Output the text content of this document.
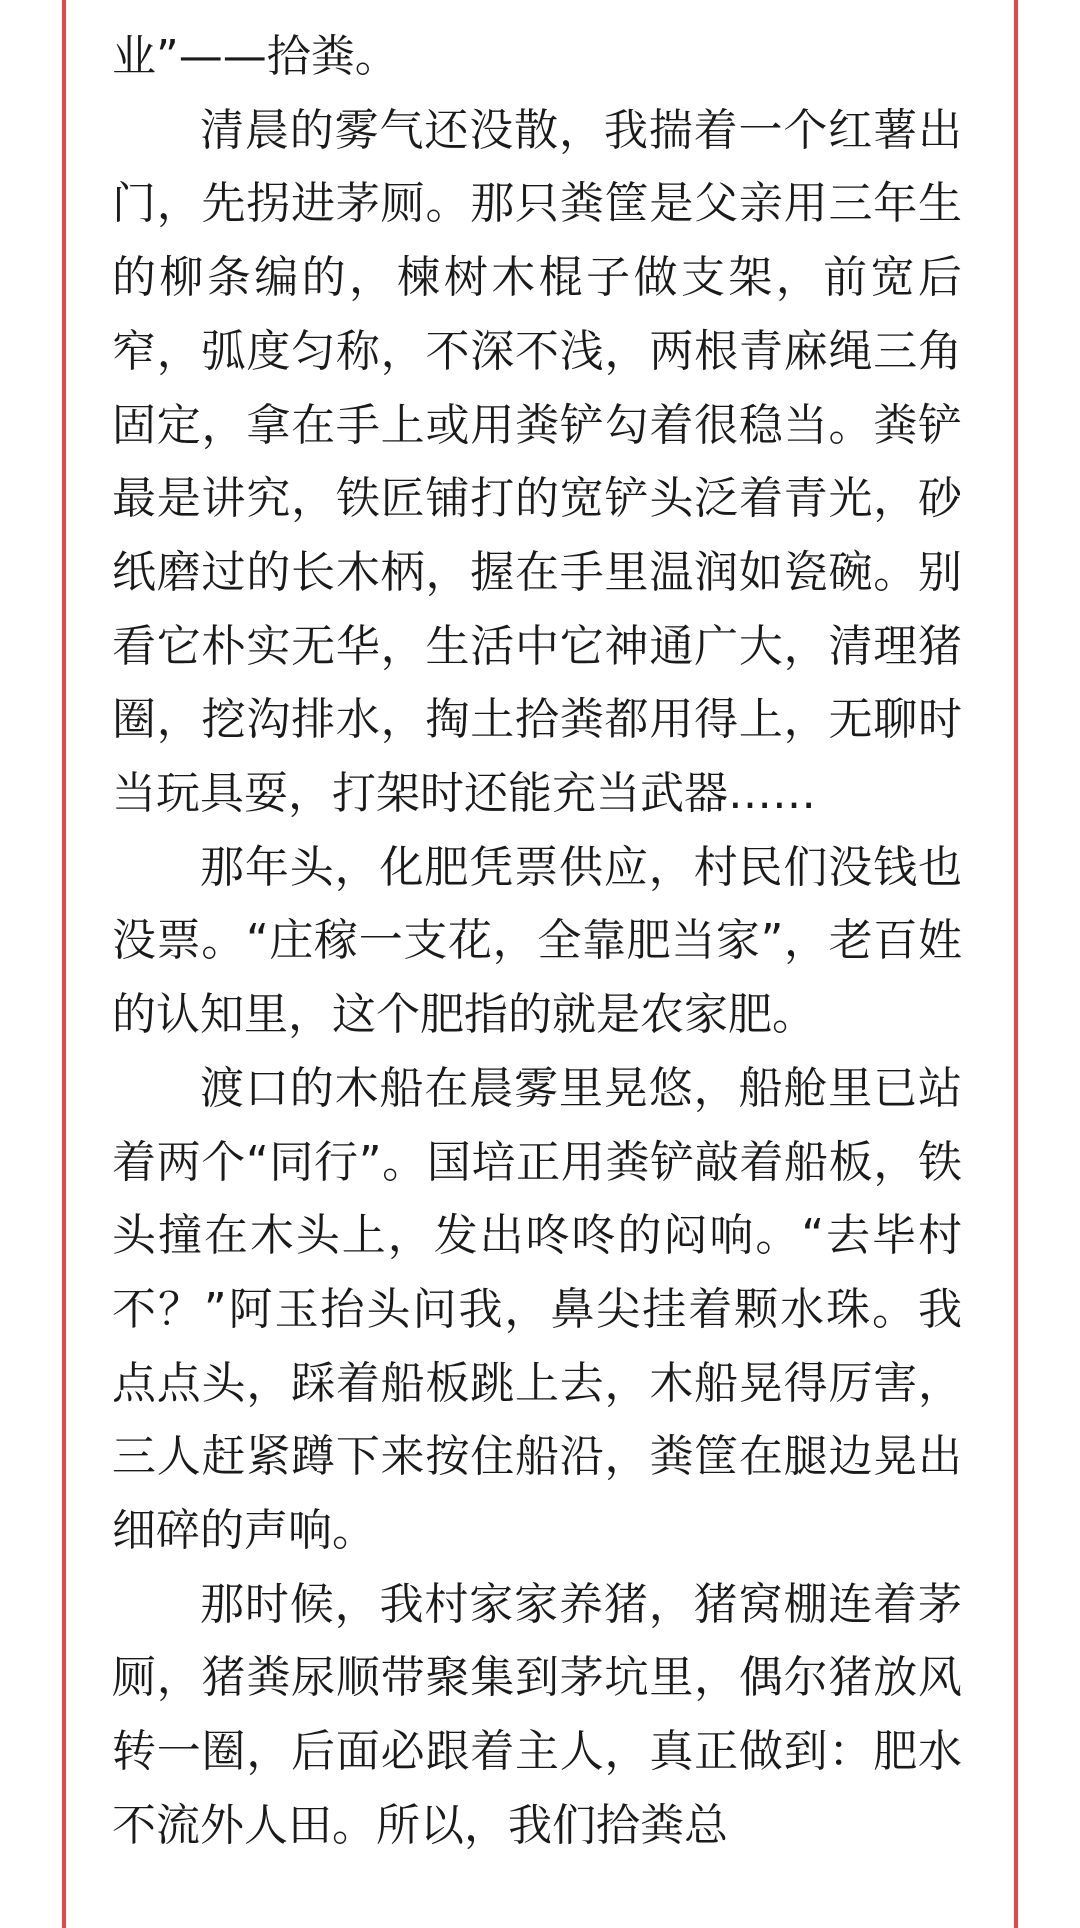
业”——拾粪。

清晨的雾气还没散，我揣着一个红薯出门，先拐进茅厕。那只粪筐是父亲用三年生的柳条编的，楝树木棍子做支架，前宽后窄，弧度匀称，不深不浅，两根青麻绳三角固定，拿在手上或用粪铲勾着很稳当。粪铲最是讲究，铁匠铺打的宽铲头泛着青光，砂纸磨过的长木柄，握在手里温润如瓷碗。别看它朴实无华，生活中它神通广大，清理猪圈，挖沟排水，掏土拾粪都用得上，无聊时当玩具耍，打架时还能充当武器……

那年头，化肥凭票供应，村民们没钱也没票。“庄稼一支花，全靠肥当家”，老百姓的认知里，这个肥指的就是农家肥。

渡口的木船在晨雾里晃悠，船舱里已站着两个“同行”。国培正用粪铲敲着船板，铁头撞在木头上，发出咚咚的闷响。“去毕村不？”阿玉抬头问我，鼻尖挂着颗水珠。我点点头，踩着船板跳上去，木船晃得厉害，三人赶紧蹲下来按住船沿，粪筐在腿边晃出细碎的声响。

那时候，我村家家养猪，猪窝棚连着茅厕，猪粪尿顺带聚集到茅坑里，偶尔猪放风转一圈，后面必跟着主人，真正做到：肥水不流外人田。所以，我们拾粪总
